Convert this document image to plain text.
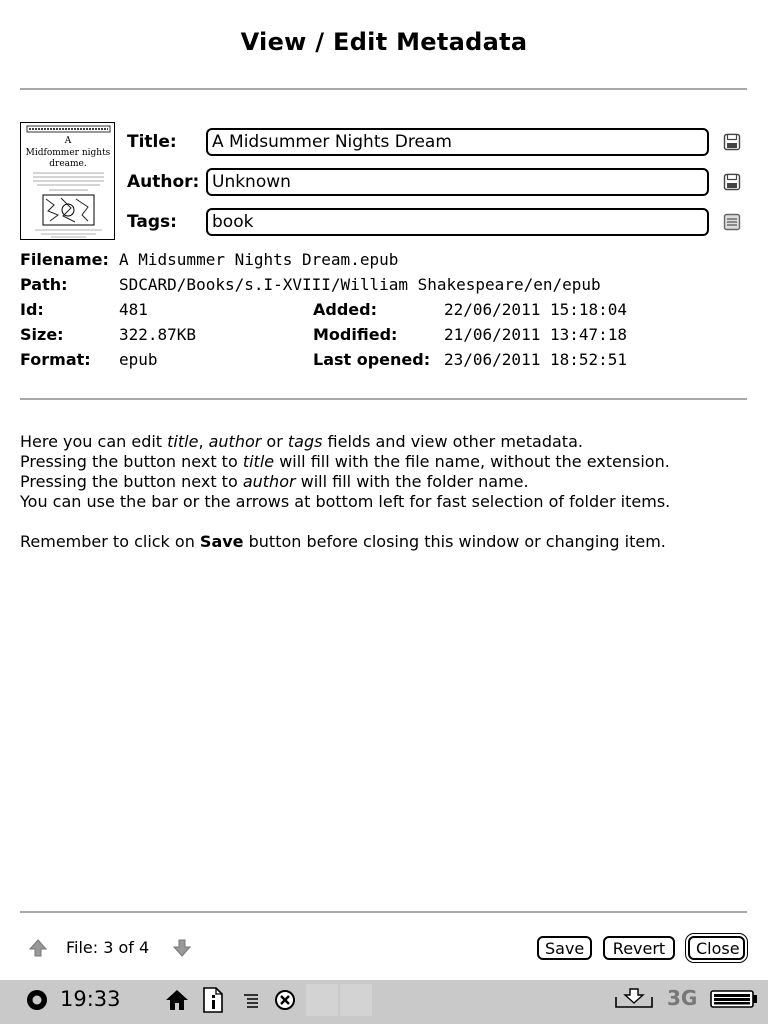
View / Edit Metadata
A
Midfommer nights
dreame.
Title:	A Midsummer Nights Dream
Author: Unknown
Tags:	book
Filename: A Midsummer Nights Dream.epub
Path:	SDCARD/Books/s.I-XVIII/William Shakespeare/en/epub
Id:	481	Added:	22/06/2011 15:18:04
Size:	322.87KB	Modified:	21/06/2011 13:47:18
Format: epub	Last opened: 23/06/2011 18:52:51

Here you can edit title, author or tags fields and view other metadata.

Pressing the button next to title will fill with the file name, without the extension.

Pressing the button next to author will fill with the folder name.

You can use the bar or the arrows at bottom left for fast selection of folder items.

Remember to click on Save button before closing this window or changing item.

File: 3 of 4	Save	Revert	Close
19:33	3G
